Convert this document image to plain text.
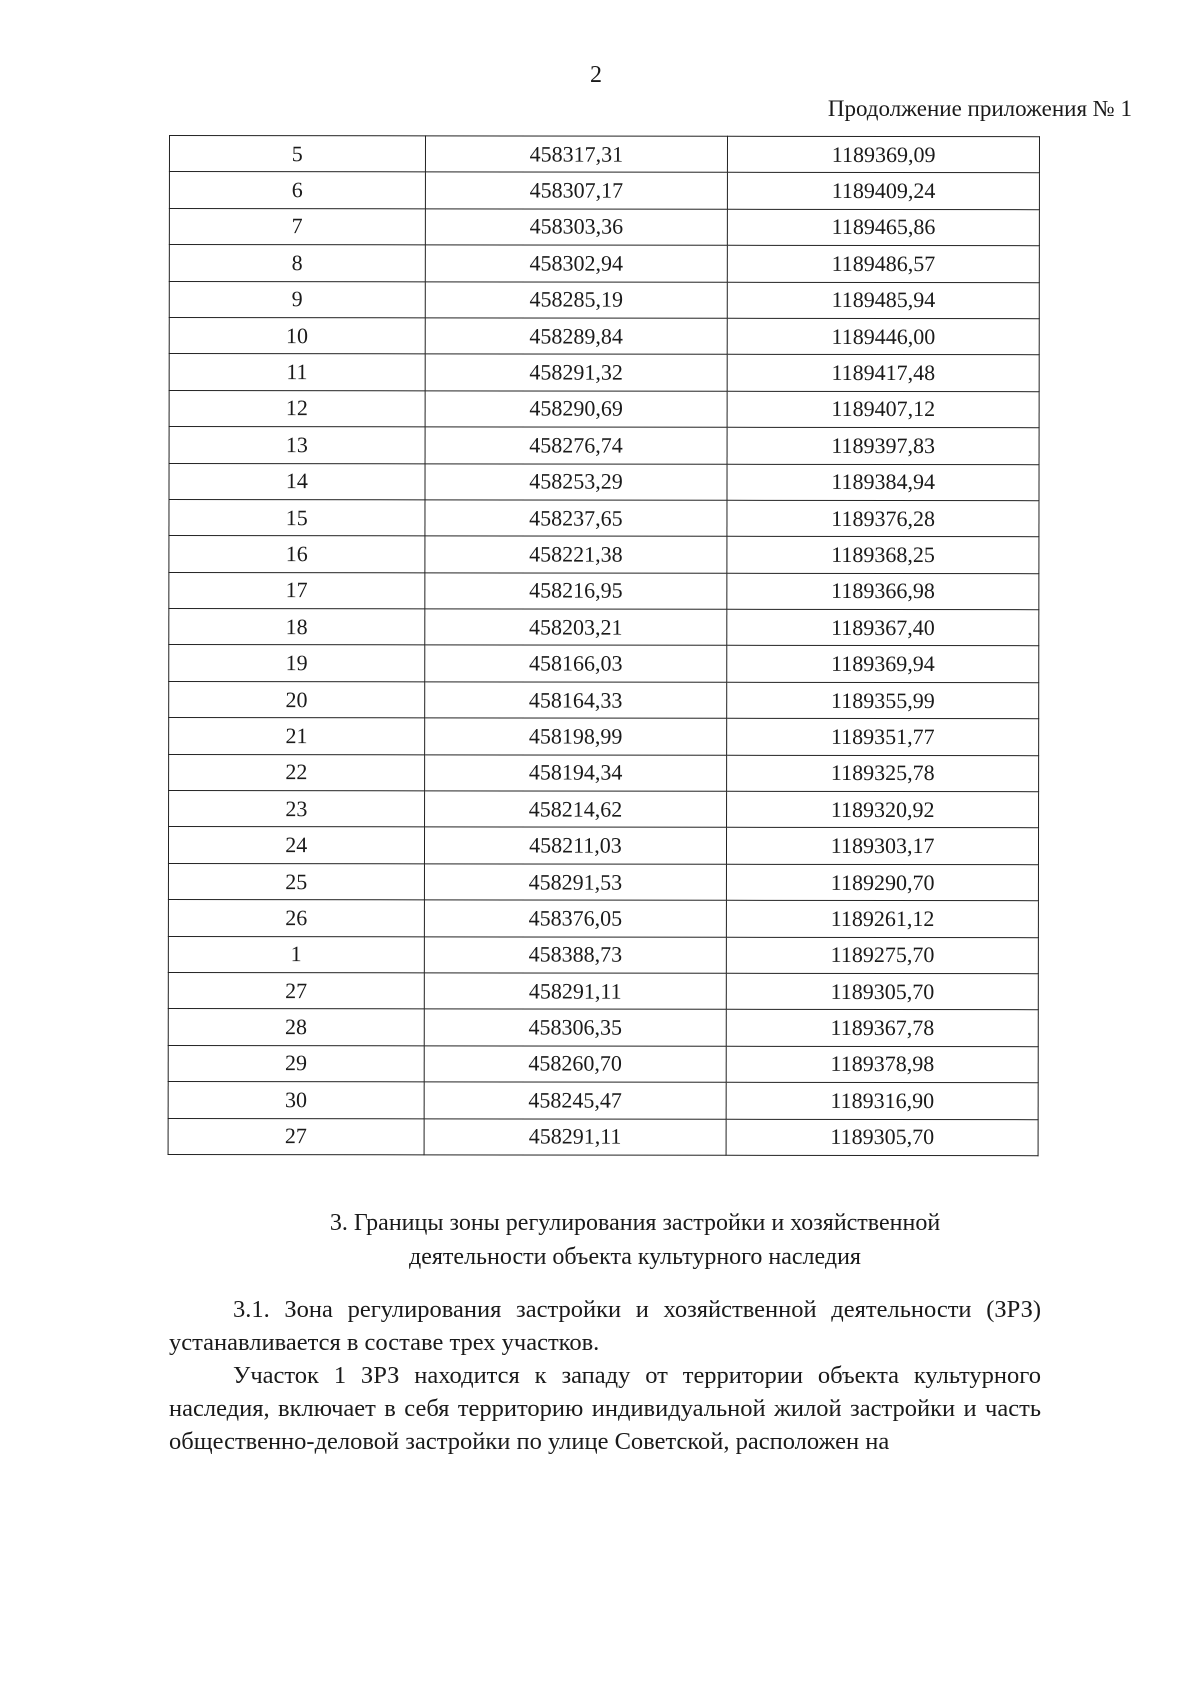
2
Продолжение приложения № 1
5	458317,31	1189369,09
6	458307,17	1189409,24
7	458303,36	1189465,86
8	458302,94	1189486,57
9	458285,19	1189485,94
10	458289,84	1189446,00
11	458291,32	1189417,48
12	458290,69	1189407,12
13	458276,74	1189397,83
14	458253,29	1189384,94
15	458237,65	1189376,28
16	458221,38	1189368,25
17	458216,95	1189366,98
18	458203,21	1189367,40
19	458166,03	1189369,94
20	458164,33	1189355,99
21	458198,99	1189351,77
22	458194,34	1189325,78
23	458214,62	1189320,92
24	458211,03	1189303,17
25	458291,53	1189290,70
26	458376,05	1189261,12
1	458388,73	1189275,70
27	458291,11	1189305,70
28	458306,35	1189367,78
29	458260,70	1189378,98
30	458245,47	1189316,90
27	458291,11	1189305,70
3. Границы зоны регулирования застройки и хозяйственной
деятельности объекта культурного наследия

3.1. Зона регулирования застройки и хозяйственной деятельности (ЗРЗ) устанавливается в составе трех участков.

Участок 1 ЗРЗ находится к западу от территории объекта культурного наследия, включает в себя территорию индивидуальной жилой застройки и часть общественно-деловой застройки по улице Советской, расположен на
